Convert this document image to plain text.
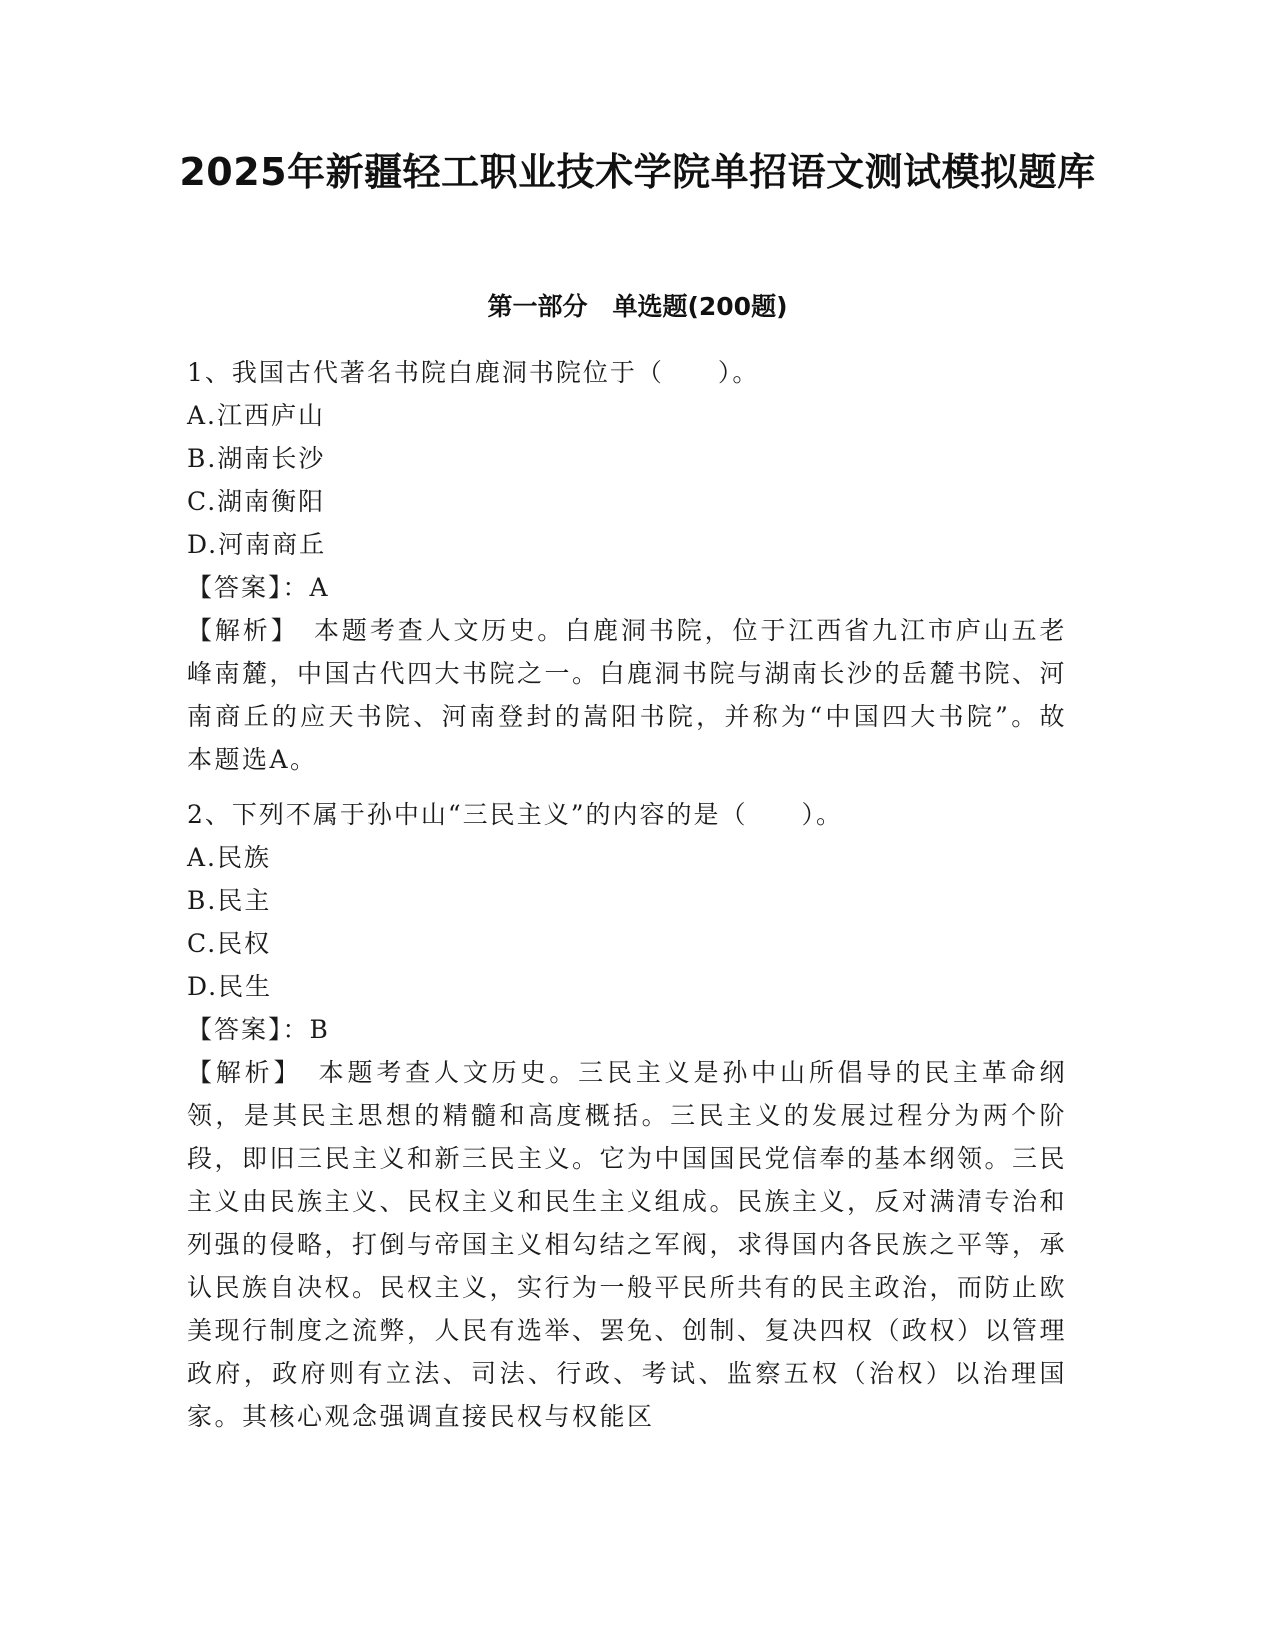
2025年新疆轻工职业技术学院单招语文测试模拟题库
第一部分　单选题(200题)
1、我国古代著名书院白鹿洞书院位于（　　）。
A.江西庐山
B.湖南长沙
C.湖南衡阳
D.河南商丘
【答案】：A

【解析】　本题考查人文历史。白鹿洞书院，位于江西省九江市庐山五老峰南麓，中国古代四大书院之一。白鹿洞书院与湖南长沙的岳麓书院、河南商丘的应天书院、河南登封的嵩阳书院，并称为“中国四大书院”。故本题选A。

2、下列不属于孙中山“三民主义”的内容的是（　　）。
A.民族
B.民主
C.民权
D.民生
【答案】：B

【解析】　本题考查人文历史。三民主义是孙中山所倡导的民主革命纲领，是其民主思想的精髓和高度概括。三民主义的发展过程分为两个阶段，即旧三民主义和新三民主义。它为中国国民党信奉的基本纲领。三民主义由民族主义、民权主义和民生主义组成。民族主义，反对满清专治和列强的侵略，打倒与帝国主义相勾结之军阀，求得国内各民族之平等，承认民族自决权。民权主义，实行为一般平民所共有的民主政治，而防止欧美现行制度之流弊，人民有选举、罢免、创制、复决四权（政权）以管理政府，政府则有立法、司法、行政、考试、监察五权（治权）以治理国家。其核心观念强调直接民权与权能区
